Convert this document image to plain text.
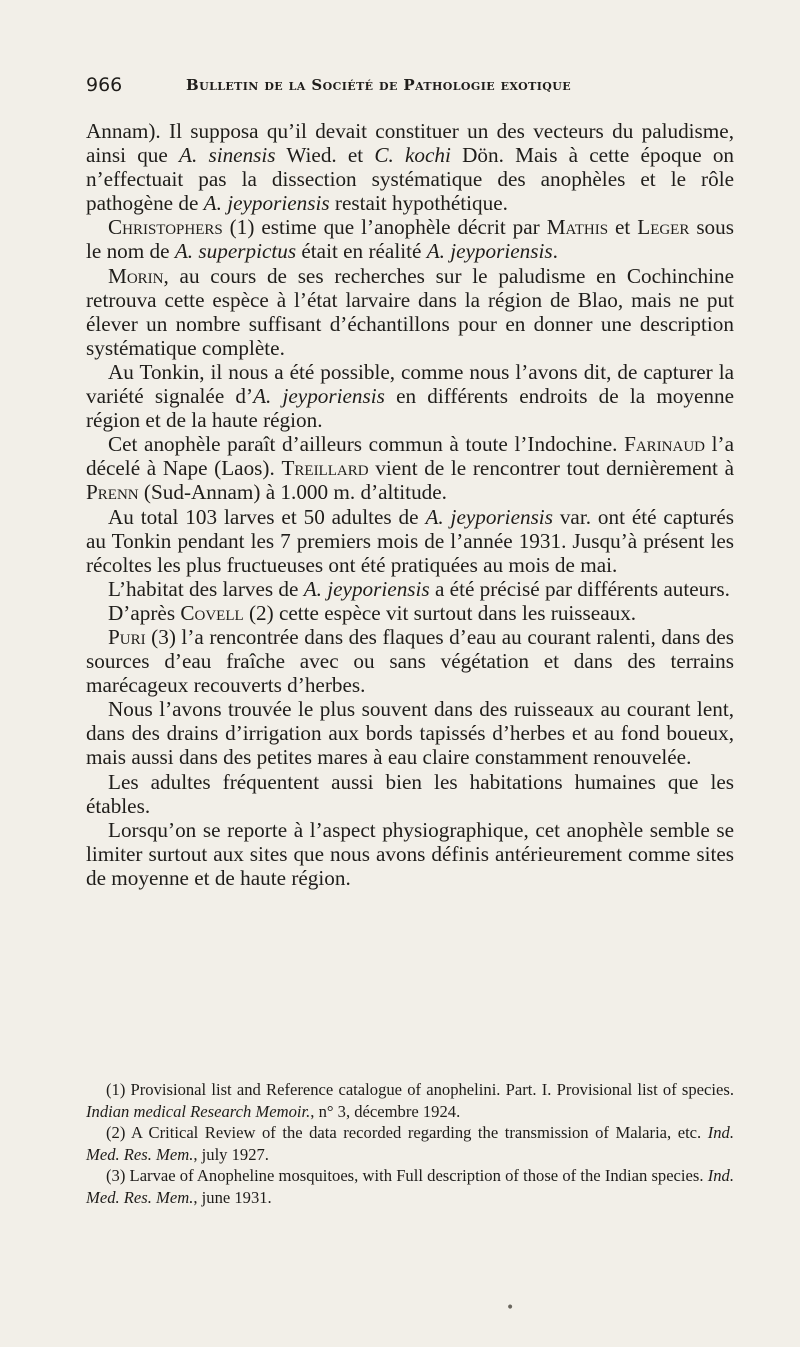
966	Bulletin de la Société de Pathologie exotique

Annam). Il supposa qu’il devait constituer un des vecteurs du paludisme, ainsi que A. sinensis Wied. et C. kochi Dön. Mais à cette époque on n’effectuait pas la dissection systématique des anophèles et le rôle pathogène de A. jeyporiensis restait hypothétique.

Christophers (1) estime que l’anophèle décrit par Mathis et Leger sous le nom de A. superpictus était en réalité A. jeyporiensis.

Morin, au cours de ses recherches sur le paludisme en Cochinchine retrouva cette espèce à l’état larvaire dans la région de Blao, mais ne put élever un nombre suffisant d’échantillons pour en donner une description systématique complète.

Au Tonkin, il nous a été possible, comme nous l’avons dit, de capturer la variété signalée d’A. jeyporiensis en différents endroits de la moyenne région et de la haute région.

Cet anophèle paraît d’ailleurs commun à toute l’Indochine. Farinaud l’a décelé à Nape (Laos). Treillard vient de le rencontrer tout dernièrement à Prenn (Sud-Annam) à 1.000 m. d’altitude.

Au total 103 larves et 50 adultes de A. jeyporiensis var. ont été capturés au Tonkin pendant les 7 premiers mois de l’année 1931. Jusqu’à présent les récoltes les plus fructueuses ont été pratiquées au mois de mai.

L’habitat des larves de A. jeyporiensis a été précisé par différents auteurs.

D’après Covell (2) cette espèce vit surtout dans les ruisseaux.

Puri (3) l’a rencontrée dans des flaques d’eau au courant ralenti, dans des sources d’eau fraîche avec ou sans végétation et dans des terrains marécageux recouverts d’herbes.

Nous l’avons trouvée le plus souvent dans des ruisseaux au courant lent, dans des drains d’irrigation aux bords tapissés d’herbes et au fond boueux, mais aussi dans des petites mares à eau claire constamment renouvelée.

Les adultes fréquentent aussi bien les habitations humaines que les étables.

Lorsqu’on se reporte à l’aspect physiographique, cet anophèle semble se limiter surtout aux sites que nous avons définis antérieurement comme sites de moyenne et de haute région.

(1) Provisional list and Reference catalogue of anophelini. Part. I. Provisional list of species. Indian medical Research Memoir., n° 3, décembre 1924.

(2) A Critical Review of the data recorded regarding the transmission of Malaria, etc. Ind. Med. Res. Mem., july 1927.

(3) Larvae of Anopheline mosquitoes, with Full description of those of the Indian species. Ind. Med. Res. Mem., june 1931.

•
